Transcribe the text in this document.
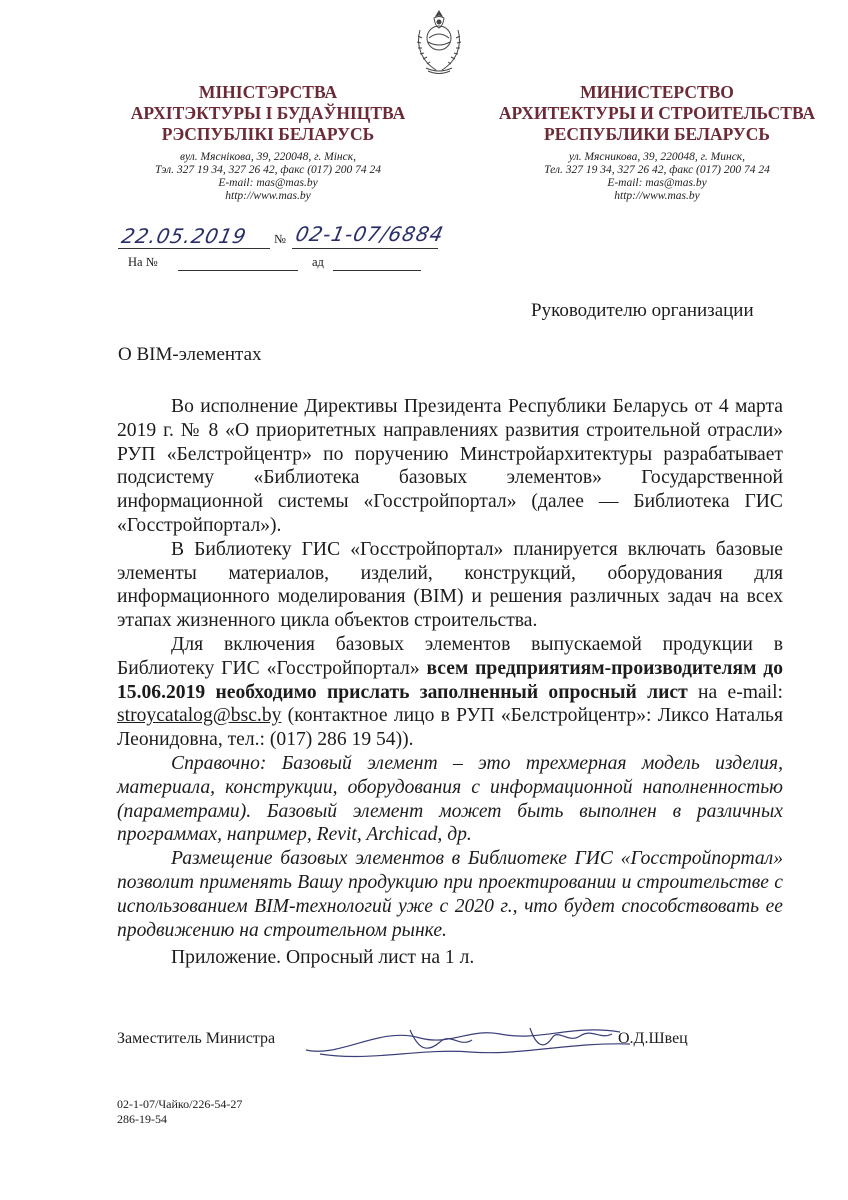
МІНІСТЭРСТВА
АРХІТЭКТУРЫ І БУДАЎНІЦТВА
РЭСПУБЛІКІ БЕЛАРУСЬ
вул. Мяснікова, 39, 220048, г. Мінск,
Тэл. 327 19 34, 327 26 42, факс (017) 200 74 24
E-mail: mas@mas.by
http://www.mas.by
МИНИСТЕРСТВО
АРХИТЕКТУРЫ И СТРОИТЕЛЬСТВА
РЕСПУБЛИКИ БЕЛАРУСЬ
ул. Мясникова, 39, 220048, г. Минск,
Тел. 327 19 34, 327 26 42, факс (017) 200 74 24
E-mail: mas@mas.by
http://www.mas.by
22.05.2019 № 02-1-07/6884
На №	ад
Руководителю организации
О BIM-элементах

Во исполнение Директивы Президента Республики Беларусь от 4 марта 2019 г. № 8 «О приоритетных направлениях развития строительной отрасли» РУП «Белстройцентр» по поручению Минстройархитектуры разрабатывает подсистему «Библиотека базовых элементов» Государственной информационной системы «Госстройпортал» (далее — Библиотека ГИС «Госстройпортал»).

В Библиотеку ГИС «Госстройпортал» планируется включать базовые элементы материалов, изделий, конструкций, оборудования для информационного моделирования (BIM) и решения различных задач на всех этапах жизненного цикла объектов строительства.

Для включения базовых элементов выпускаемой продукции в Библиотеку ГИС «Госстройпортал» всем предприятиям-производителям до 15.06.2019 необходимо прислать заполненный опросный лист на e-mail: stroycatalog@bsc.by (контактное лицо в РУП «Белстройцентр»: Ликсо Наталья Леонидовна, тел.: (017) 286 19 54)).

Справочно: Базовый элемент – это трехмерная модель изделия, материала, конструкции, оборудования с информационной наполненностью (параметрами). Базовый элемент может быть выполнен в различных программах, например, Revit, Archicad, др.

Размещение базовых элементов в Библиотеке ГИС «Госстройпортал» позволит применять Вашу продукцию при проектировании и строительстве с использованием BIM-технологий уже с 2020 г., что будет способствовать ее продвижению на строительном рынке.

Приложение. Опросный лист на 1 л.

Заместитель Министра	О.Д.Швец
02-1-07/Чайко/226-54-27
286-19-54
